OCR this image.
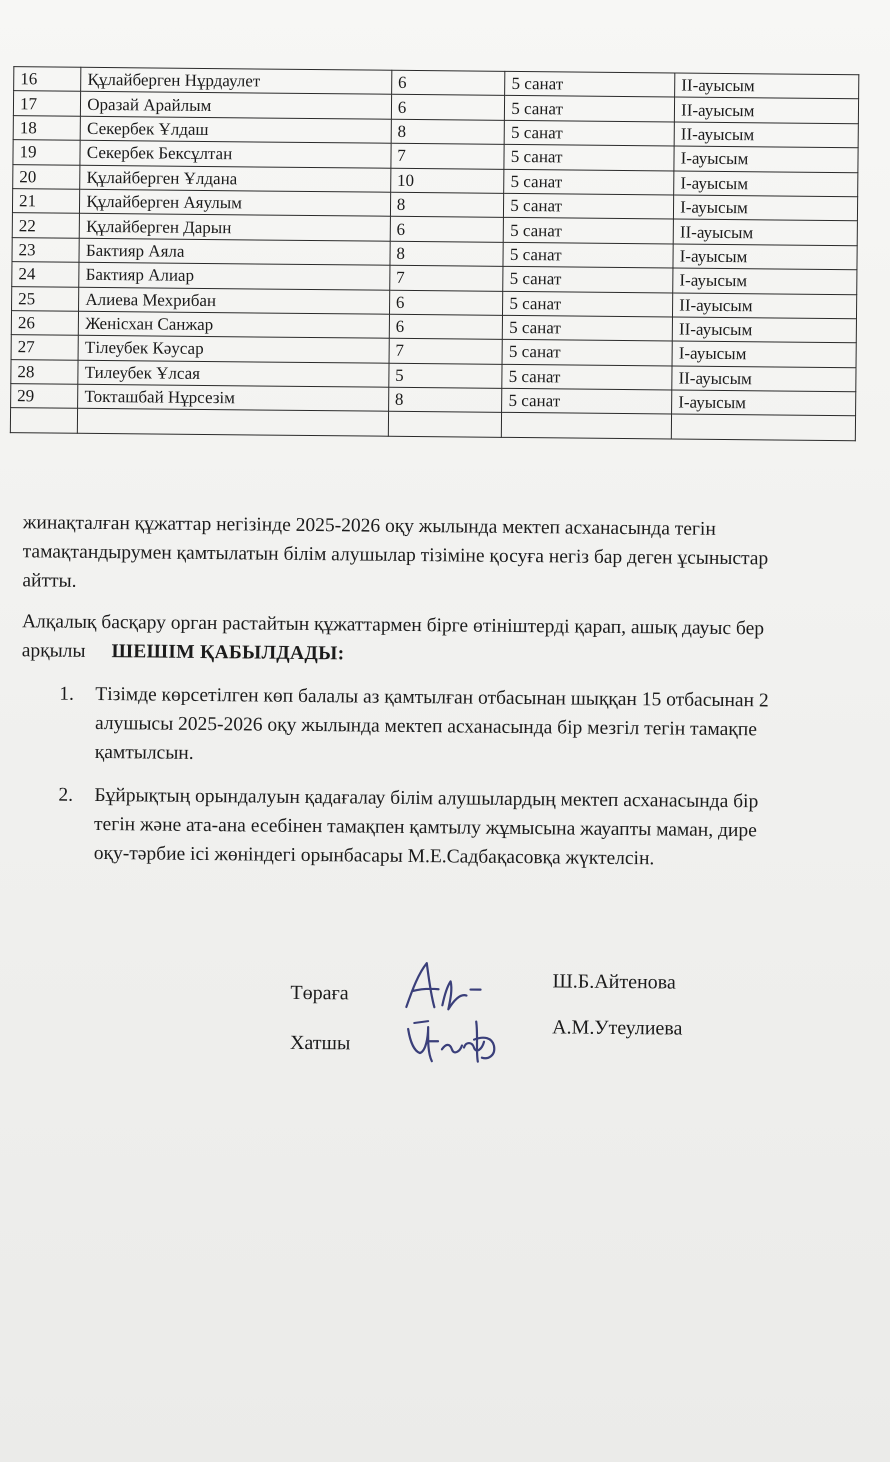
16	Құлайберген Нұрдаулет	6	5 санат	II-ауысым
17	Оразай Арайлым	6	5 санат	II-ауысым
18	Секербек Ұлдаш	8	5 санат	II-ауысым
19	Секербек Бексұлтан	7	5 санат	I-ауысым
20	Құлайберген Ұлдана	10	5 санат	I-ауысым
21	Құлайберген Аяулым	8	5 санат	I-ауысым
22	Құлайберген Дарын	6	5 санат	II-ауысым
23	Бактияр Аяла	8	5 санат	I-ауысым
24	Бактияр Алиар	7	5 санат	I-ауысым
25	Алиева Мехрибан	6	5 санат	II-ауысым
26	Женісхан Санжар	6	5 санат	II-ауысым
27	Тілеубек Кәусар	7	5 санат	I-ауысым
28	Тилеубек Ұлсая	5	5 санат	II-ауысым
29	Токташбай Нұрсезім	8	5 санат	I-ауысым

жинақталған құжаттар негізінде 2025-2026 оқу жылында мектеп асханасында тегін
тамақтандырумен қамтылатын білім алушылар тізіміне қосуға негіз бар деген ұсыныстар
айтты.

Алқалық басқару орган растайтын құжаттармен бірге өтініштерді қарап, ашық дауыс бер
арқылы ШЕШІМ ҚАБЫЛДАДЫ:

1. Тізімде көрсетілген көп балалы аз қамтылған отбасынан шыққан 15 отбасынан 2
алушысы 2025-2026 оқу жылында мектеп асханасында бір мезгіл тегін тамақпе
қамтылсын.
2. Бұйрықтың орындалуын қадағалау білім алушылардың мектеп асханасында бір
тегін және ата-ана есебінен тамақпен қамтылу жұмысына жауапты маман, дире
оқу-тәрбие ісі жөніндегі орынбасары М.Е.Садбақасовқа жүктелсін.
Төраға	Ш.Б.Айтенова
Хатшы
А.М.Утеулиева
